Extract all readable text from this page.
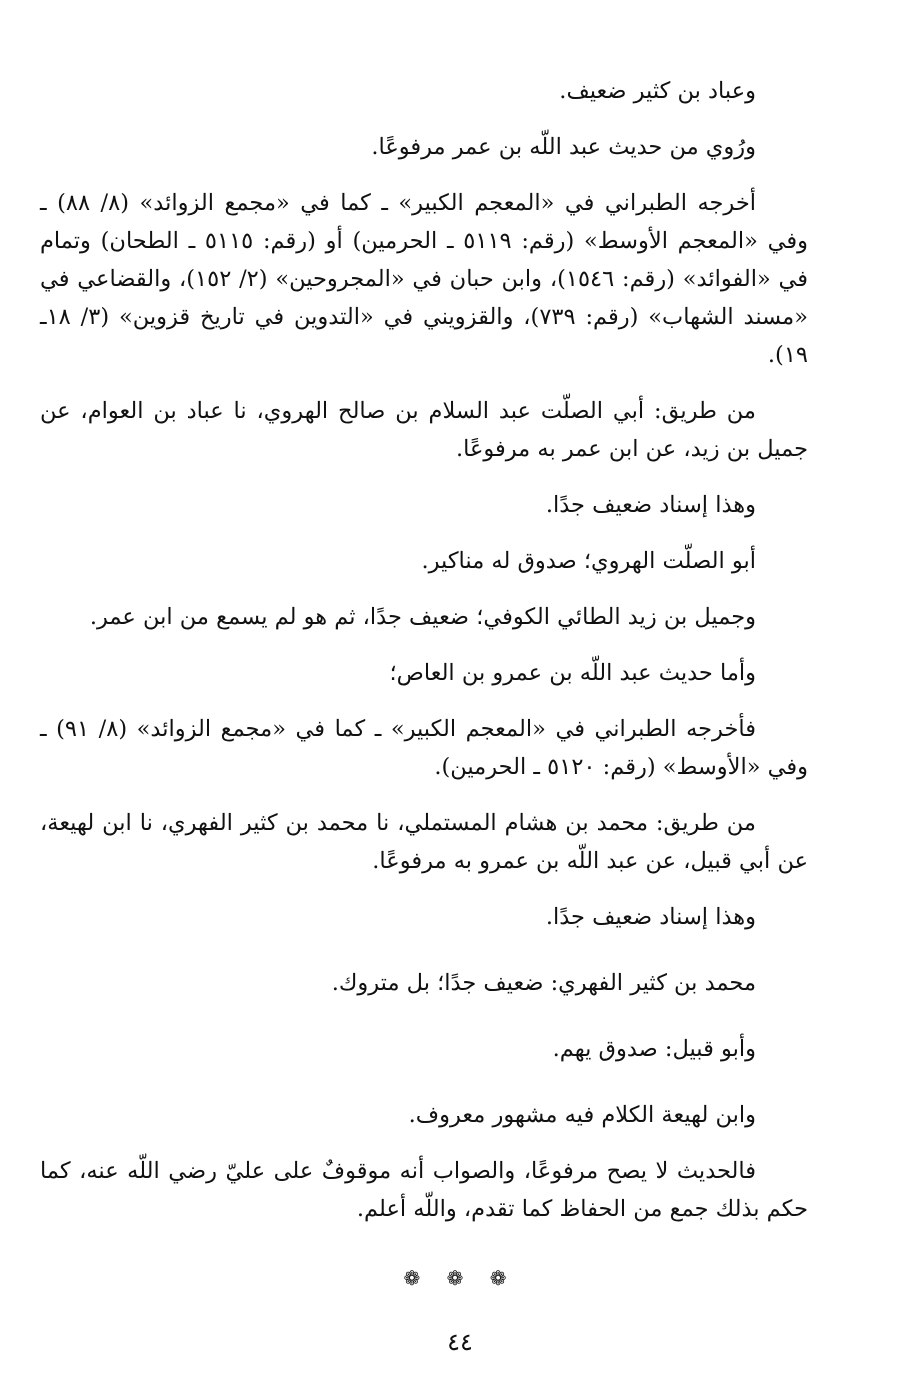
وعباد بن كثير ضعيف.

ورُوي من حديث عبد اللّه بن عمر مرفوعًا.

أخرجه الطبراني في «المعجم الكبير» ـ كما في «مجمع الزوائد» (٨/ ٨٨) ـ وفي «المعجم الأوسط» (رقم: ٥١١٩ ـ الحرمين) أو (رقم: ٥١١٥ ـ الطحان) وتمام في «الفوائد» (رقم: ١٥٤٦)، وابن حبان في «المجروحين» (٢/ ١٥٢)، والقضاعي في «مسند الشهاب» (رقم: ٧٣٩)، والقزويني في «التدوين في تاريخ قزوين» (٣/ ١٨ـ ١٩).

من طريق: أبي الصلّت عبد السلام بن صالح الهروي، نا عباد بن العوام، عن جميل بن زيد، عن ابن عمر به مرفوعًا.

وهذا إسناد ضعيف جدًا.

أبو الصلّت الهروي؛ صدوق له مناكير.

وجميل بن زيد الطائي الكوفي؛ ضعيف جدًا، ثم هو لم يسمع من ابن عمر.

وأما حديث عبد اللّه بن عمرو بن العاص؛

فأخرجه الطبراني في «المعجم الكبير» ـ كما في «مجمع الزوائد» (٨/ ٩١) ـ وفي «الأوسط» (رقم: ٥١٢٠ ـ الحرمين).

من طريق: محمد بن هشام المستملي، نا محمد بن كثير الفهري، نا ابن لهيعة، عن أبي قبيل، عن عبد اللّه بن عمرو به مرفوعًا.

وهذا إسناد ضعيف جدًا.

محمد بن كثير الفهري: ضعيف جدًا؛ بل متروك.

وأبو قبيل: صدوق يهم.

وابن لهيعة الكلام فيه مشهور معروف.

فالحديث لا يصح مرفوعًا، والصواب أنه موقوفٌ على عليّ رضي اللّه عنه، كما حكم بذلك جمع من الحفاظ كما تقدم، واللّه أعلم.

❁ ❁ ❁
٤٤
